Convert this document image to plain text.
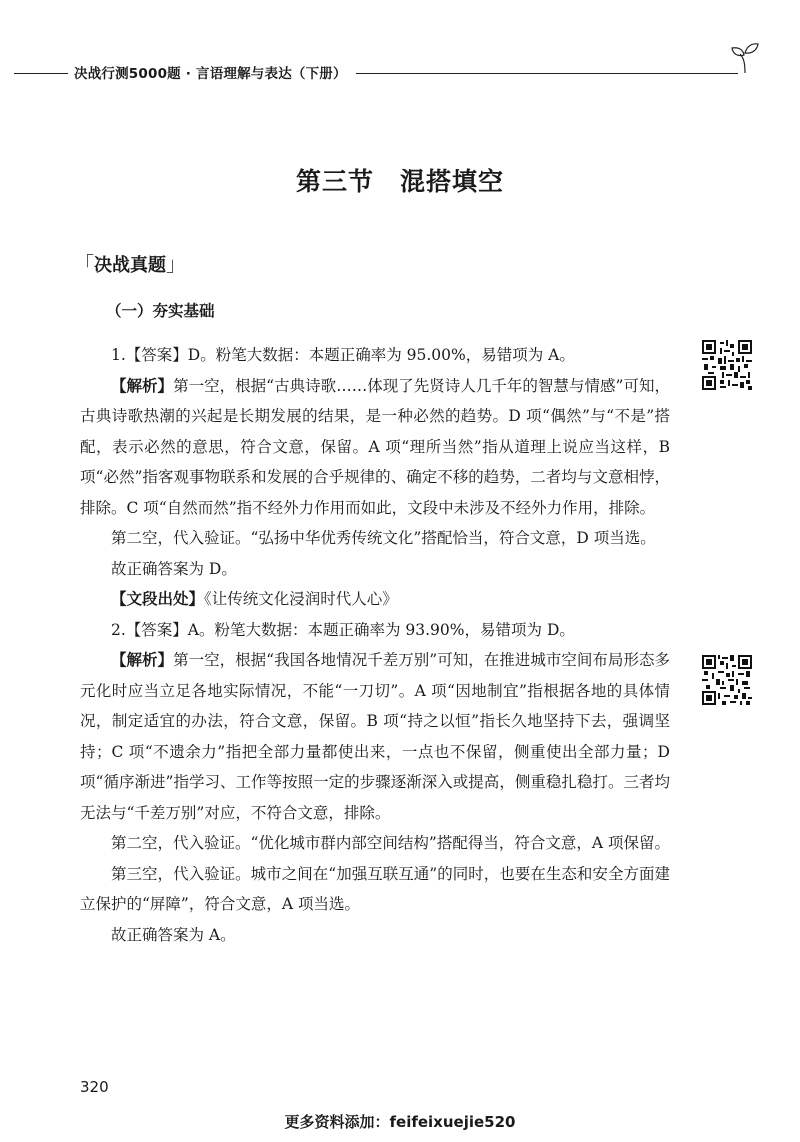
决战行测5000题 · 言语理解与表达（下册）
第三节 混搭填空
「决战真题」
（一）夯实基础

1.【答案】D。粉笔大数据：本题正确率为 95.00%，易错项为 A。

【解析】第一空，根据“古典诗歌……体现了先贤诗人几千年的智慧与情感”可知，古典诗歌热潮的兴起是长期发展的结果，是一种必然的趋势。D 项“偶然”与“不是”搭配，表示必然的意思，符合文意，保留。A 项“理所当然”指从道理上说应当这样，B 项“必然”指客观事物联系和发展的合乎规律的、确定不移的趋势，二者均与文意相悖，排除。C 项“自然而然”指不经外力作用而如此，文段中未涉及不经外力作用，排除。

第二空，代入验证。“弘扬中华优秀传统文化”搭配恰当，符合文意，D 项当选。

故正确答案为 D。

【文段出处】《让传统文化浸润时代人心》

2.【答案】A。粉笔大数据：本题正确率为 93.90%，易错项为 D。

【解析】第一空，根据“我国各地情况千差万别”可知，在推进城市空间布局形态多元化时应当立足各地实际情况，不能“一刀切”。A 项“因地制宜”指根据各地的具体情况，制定适宜的办法，符合文意，保留。B 项“持之以恒”指长久地坚持下去，强调坚持；C 项“不遗余力”指把全部力量都使出来，一点也不保留，侧重使出全部力量；D 项“循序渐进”指学习、工作等按照一定的步骤逐渐深入或提高，侧重稳扎稳打。三者均无法与“千差万别”对应，不符合文意，排除。

第二空，代入验证。“优化城市群内部空间结构”搭配得当，符合文意，A 项保留。

第三空，代入验证。城市之间在“加强互联互通”的同时，也要在生态和安全方面建立保护的“屏障”，符合文意，A 项当选。

故正确答案为 A。

320
更多资料添加：feifeixuejie520
